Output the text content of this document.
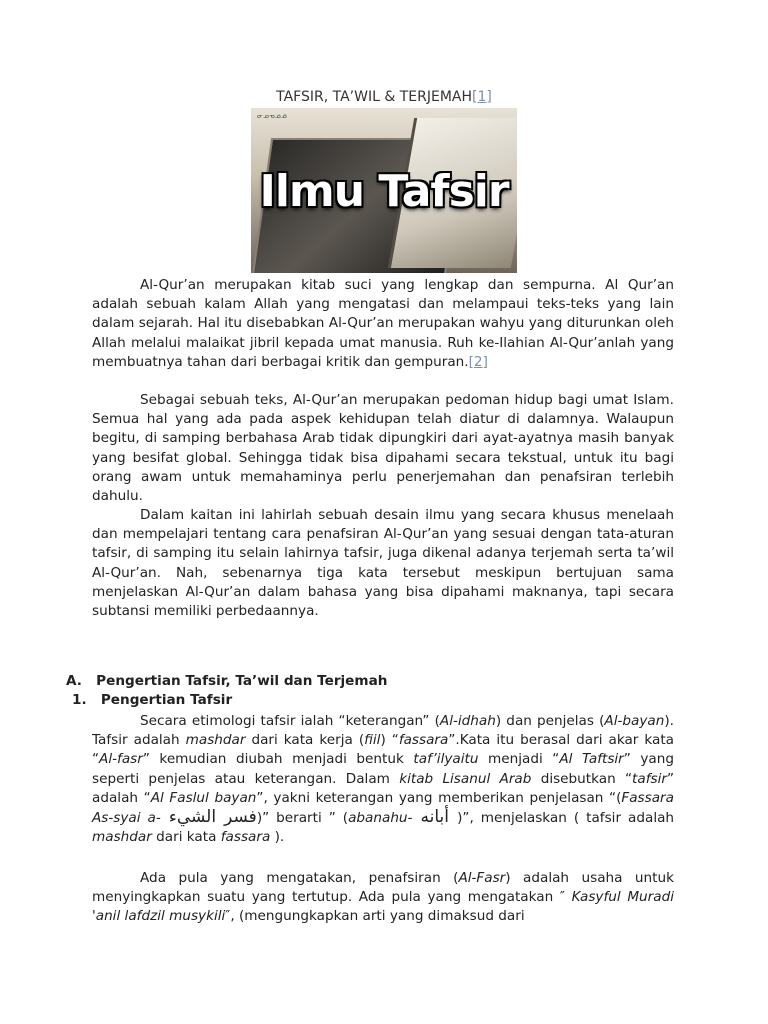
TAFSIR, TA’WIL & TERJEMAH[1]
ᓂᓄᓀᓅᓆ
Ilmu Tafsir
Al-Qur’an merupakan kitab suci yang lengkap dan sempurna. Al Qur’an adalah sebuah kalam Allah yang mengatasi dan melampaui teks-teks yang lain dalam sejarah. Hal itu disebabkan Al-Qur’an merupakan wahyu yang diturunkan oleh Allah melalui malaikat jibril kepada umat manusia. Ruh ke-Ilahian Al-Qur’anlah yang membuatnya tahan dari berbagai kritik dan gempuran.[2]
Sebagai sebuah teks, Al-Qur’an merupakan pedoman hidup bagi umat Islam. Semua hal yang ada pada aspek kehidupan telah diatur di dalamnya. Walaupun begitu, di samping berbahasa Arab tidak dipungkiri dari ayat-ayatnya masih banyak yang besifat global. Sehingga tidak bisa dipahami secara tekstual, untuk itu bagi orang awam untuk memahaminya perlu penerjemahan dan penafsiran terlebih dahulu.
Dalam kaitan ini lahirlah sebuah desain ilmu yang secara khusus menelaah dan mempelajari tentang cara penafsiran Al-Qur’an yang sesuai dengan tata-aturan tafsir, di samping itu selain lahirnya tafsir, juga dikenal adanya terjemah serta ta’wil Al-Qur’an. Nah, sebenarnya tiga kata tersebut meskipun bertujuan sama menjelaskan Al-Qur’an dalam bahasa yang bisa dipahami maknanya, tapi secara subtansi memiliki perbedaannya.
A. Pengertian Tafsir, Ta’wil dan Terjemah
1. Pengertian Tafsir
Secara etimologi tafsir ialah “keterangan” (Al-idhah) dan penjelas (Al-bayan). Tafsir adalah mashdar dari kata kerja (fiil) “fassara”.Kata itu berasal dari akar kata “Al-fasr” kemudian diubah menjadi bentuk taf’ilyaitu menjadi “Al Taftsir” yang seperti penjelas atau keterangan. Dalam kitab Lisanul Arab disebutkan “tafsir” adalah “Al Faslul bayan”, yakni keterangan yang memberikan penjelasan “(Fassara As-syai a- فسر الشيء)” berarti ” (abanahu- أبانه )”, menjelaskan ( tafsir adalah mashdar dari kata fassara ).
Ada pula yang mengatakan, penafsiran (Al-Fasr) adalah usaha untuk menyingkapkan suatu yang tertutup. Ada pula yang mengatakan ″ Kasyful Muradi 'anil lafdzil musykili″, (mengungkapkan arti yang dimaksud dari
